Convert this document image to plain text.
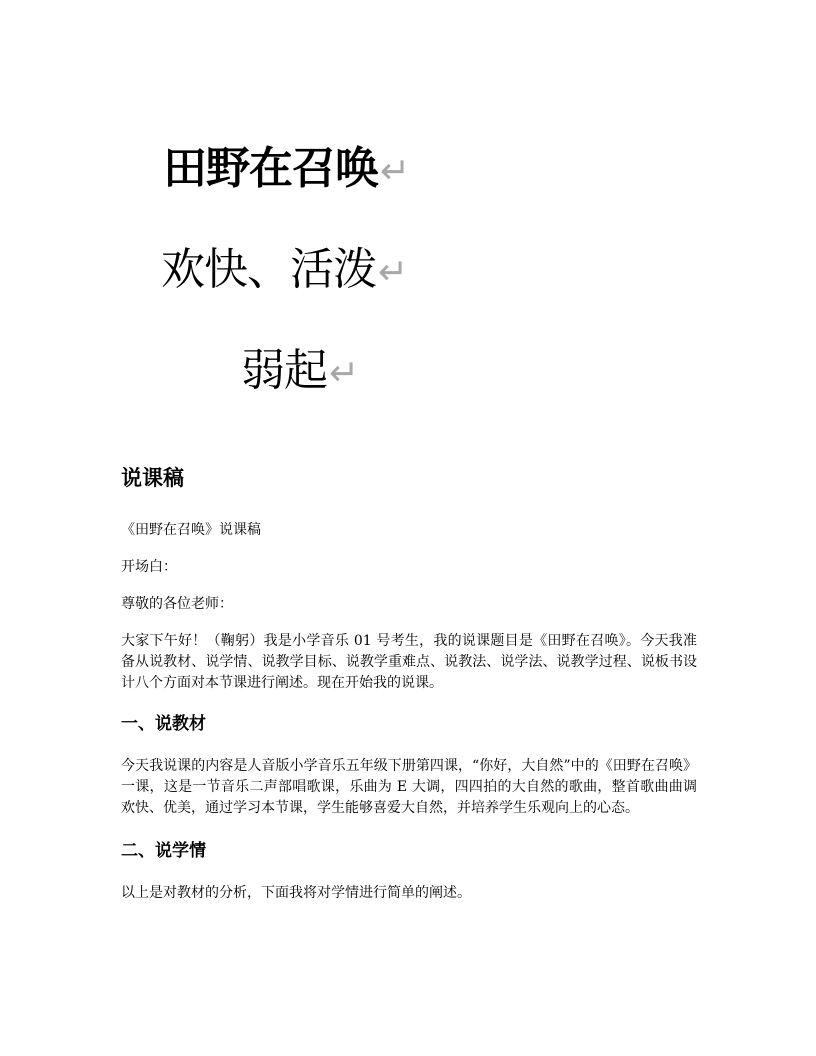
田野在召唤↵
欢快、活泼↵
弱起↵
说课稿

《田野在召唤》说课稿

开场白：

尊敬的各位老师：

大家下午好！（鞠躬）我是小学音乐 01 号考生，我的说课题目是《田野在召唤》。今天我准备从说教材、说学情、说教学目标、说教学重难点、说教法、说学法、说教学过程、说板书设计八个方面对本节课进行阐述。现在开始我的说课。

一、说教材

今天我说课的内容是人音版小学音乐五年级下册第四课，“你好，大自然”中的《田野在召唤》一课，这是一节音乐二声部唱歌课，乐曲为 E 大调，四四拍的大自然的歌曲，整首歌曲曲调欢快、优美，通过学习本节课，学生能够喜爱大自然，并培养学生乐观向上的心态。

二、说学情

以上是对教材的分析，下面我将对学情进行简单的阐述。
